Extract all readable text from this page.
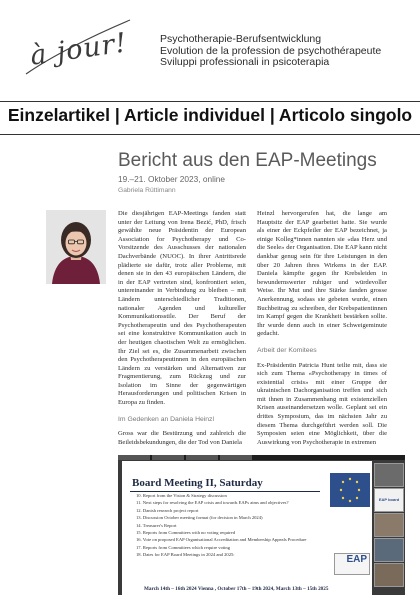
à jour!	Psychotherapie-Berufsentwicklung
Evolution de la profession de psychothérapeute
Sviluppi professionali in psicoterapia
Einzelartikel | Article individuel | Articolo singolo
Bericht aus den EAP-Meetings
19.–21. Oktober 2023, online
Gabriela Rüttimann

Die diesjährigen EAP-Meetings fanden statt unter der Leitung von Irena Bezić, PhD, frisch gewählte neue Präsidentin der European Association for Psychotherapy und Co-Vorsitzende des Ausschusses der nationalen Dachverbände (NUOC). In ihrer Antrittsrede plädierte sie dafür, trotz aller Probleme, mit denen sie in den 43 europäischen Ländern, die in der EAP vertreten sind, konfrontiert seien, untereinander in Verbindung zu bleiben – mit Ländern unterschiedlicher Traditionen, nationaler Agenden und kultureller Kommunikationsstile. Der Beruf der Psychotherapeutin und des Psychotherapeuten sei eine konstruktive Kommunikation auch in der heutigen chaotischen Welt zu ermöglichen. Ihr Ziel sei es, die Zusammenarbeit zwischen den Psychotherapeutinnen in den europäischen Ländern zu verstärken und Alternativen zur Fragmentierung, zum Rückzug und zur Isolation im Sinne der gegenwärtigen Herausforderungen und politischen Krisen in Europa zu finden.

Im Gedenken an Daniela Heinzl

Gross war die Bestürzung und zahlreich die Beileidsbekundungen, die der Tod von Daniela

Heinzl hervorgerufen hat, die lange am Hauptsitz der EAP gearbeitet hatte. Sie wurde als einer der Eckpfeiler der EAP bezeichnet, ja einige Kolleg*innen nannten sie «das Herz und die Seele» der Organisation. Die EAP kann nicht dankbar genug sein für ihre Leistungen in den über 20 Jahren ihres Wirkens in der EAP. Daniela kämpfte gegen ihr Krebsleiden in bewundernswerter ruhiger und würdevoller Weise. Ihr Mut und ihre Stärke fanden grosse Anerkennung, sodass sie gebeten wurde, einen Buchbeitrag zu schreiben, der Krebspatientinnen im Kampf gegen die Krankheit bestärken sollte. Ihr wurde denn auch in einer Schweigeminute gedacht.

Arbeit der Komitees

Ex-Präsidentin Patricia Hunt teilte mit, dass sie sich zum Thema «Psychotherapy in times of existential crisis» mit einer Gruppe der ukrainischen Dachorganisation treffen und sich mit ihnen in Zusammenhang mit existenziellen Krisen auseinandersetzen wolle. Geplant sei ein drittes Symposium, das im nächsten Jahr zu diesem Thema durchgeführt werden soll. Die Symposien seien eine Möglichkeit, über die Auswirkung von Psychotherapie in extremen

Board Meeting II, Saturday
10. Report from the Vision & Strategy discussion
11. Next steps for resolving the EAP crisis and towards EAPs aims and objectives?
12. Danish research project report
13. Discussion October meeting format (for decision in March 2024)
14. Treasurer's Report
15. Reports from Committees with no voting required
16. Vote on proposed EAP Organisational Accreditation and Membership Appeals Procedure
17. Reports from Committees which require voting
18. Dates for EAP Board Meetings in 2024 and 2025:
March 14th – 16th 2024 Vienna , October 17th – 19th 2024, March 13th – 15th 2025
EAP
EAP board
